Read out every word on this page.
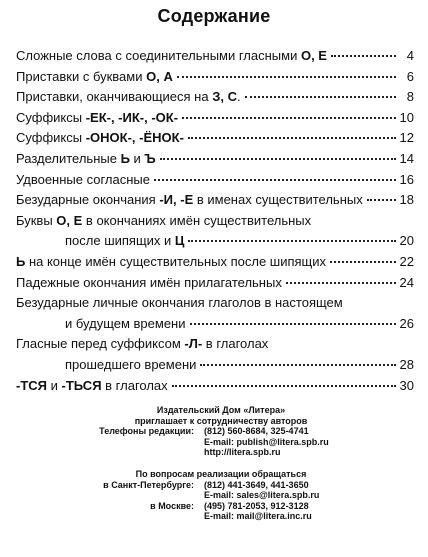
Содержание
Сложные слова с соединительными гласными О, Е	4
Приставки с буквами О, А	6
Приставки, оканчивающиеся на З, С.	8
Суффиксы -ЕК-, -ИК-, -ОК-	10
Суффиксы -ОНОК-, -ЁНОК-	12
Разделительные Ь и Ъ	14
Удвоенные согласные	16
Безударные окончания -И, -Е в именах существительных	18
Буквы О, Е в окончаниях имён существительных
после шипящих и Ц	20
Ь на конце имён существительных после шипящих	22
Падежные окончания имён прилагательных	24
Безударные личные окончания глаголов в настоящем
и будущем времени	26
Гласные перед суффиксом -Л- в глаголах
прошедшего времени	28
-ТСЯ и -ТЬСЯ в глаголах	30
Издательский Дом «Литера»
приглашает к сотрудничеству авторов
Телефоны редакции:	(812) 560-8684, 325-4741
E-mail: publish@litera.spb.ru
http://litera.spb.ru
По вопросам реализации обращаться
в Санкт-Петербурге:	(812) 441-3649, 441-3650
E-mail: sales@litera.spb.ru
в Москве:	(495) 781-2053, 912-3128
E-mail: mail@litera.inc.ru
